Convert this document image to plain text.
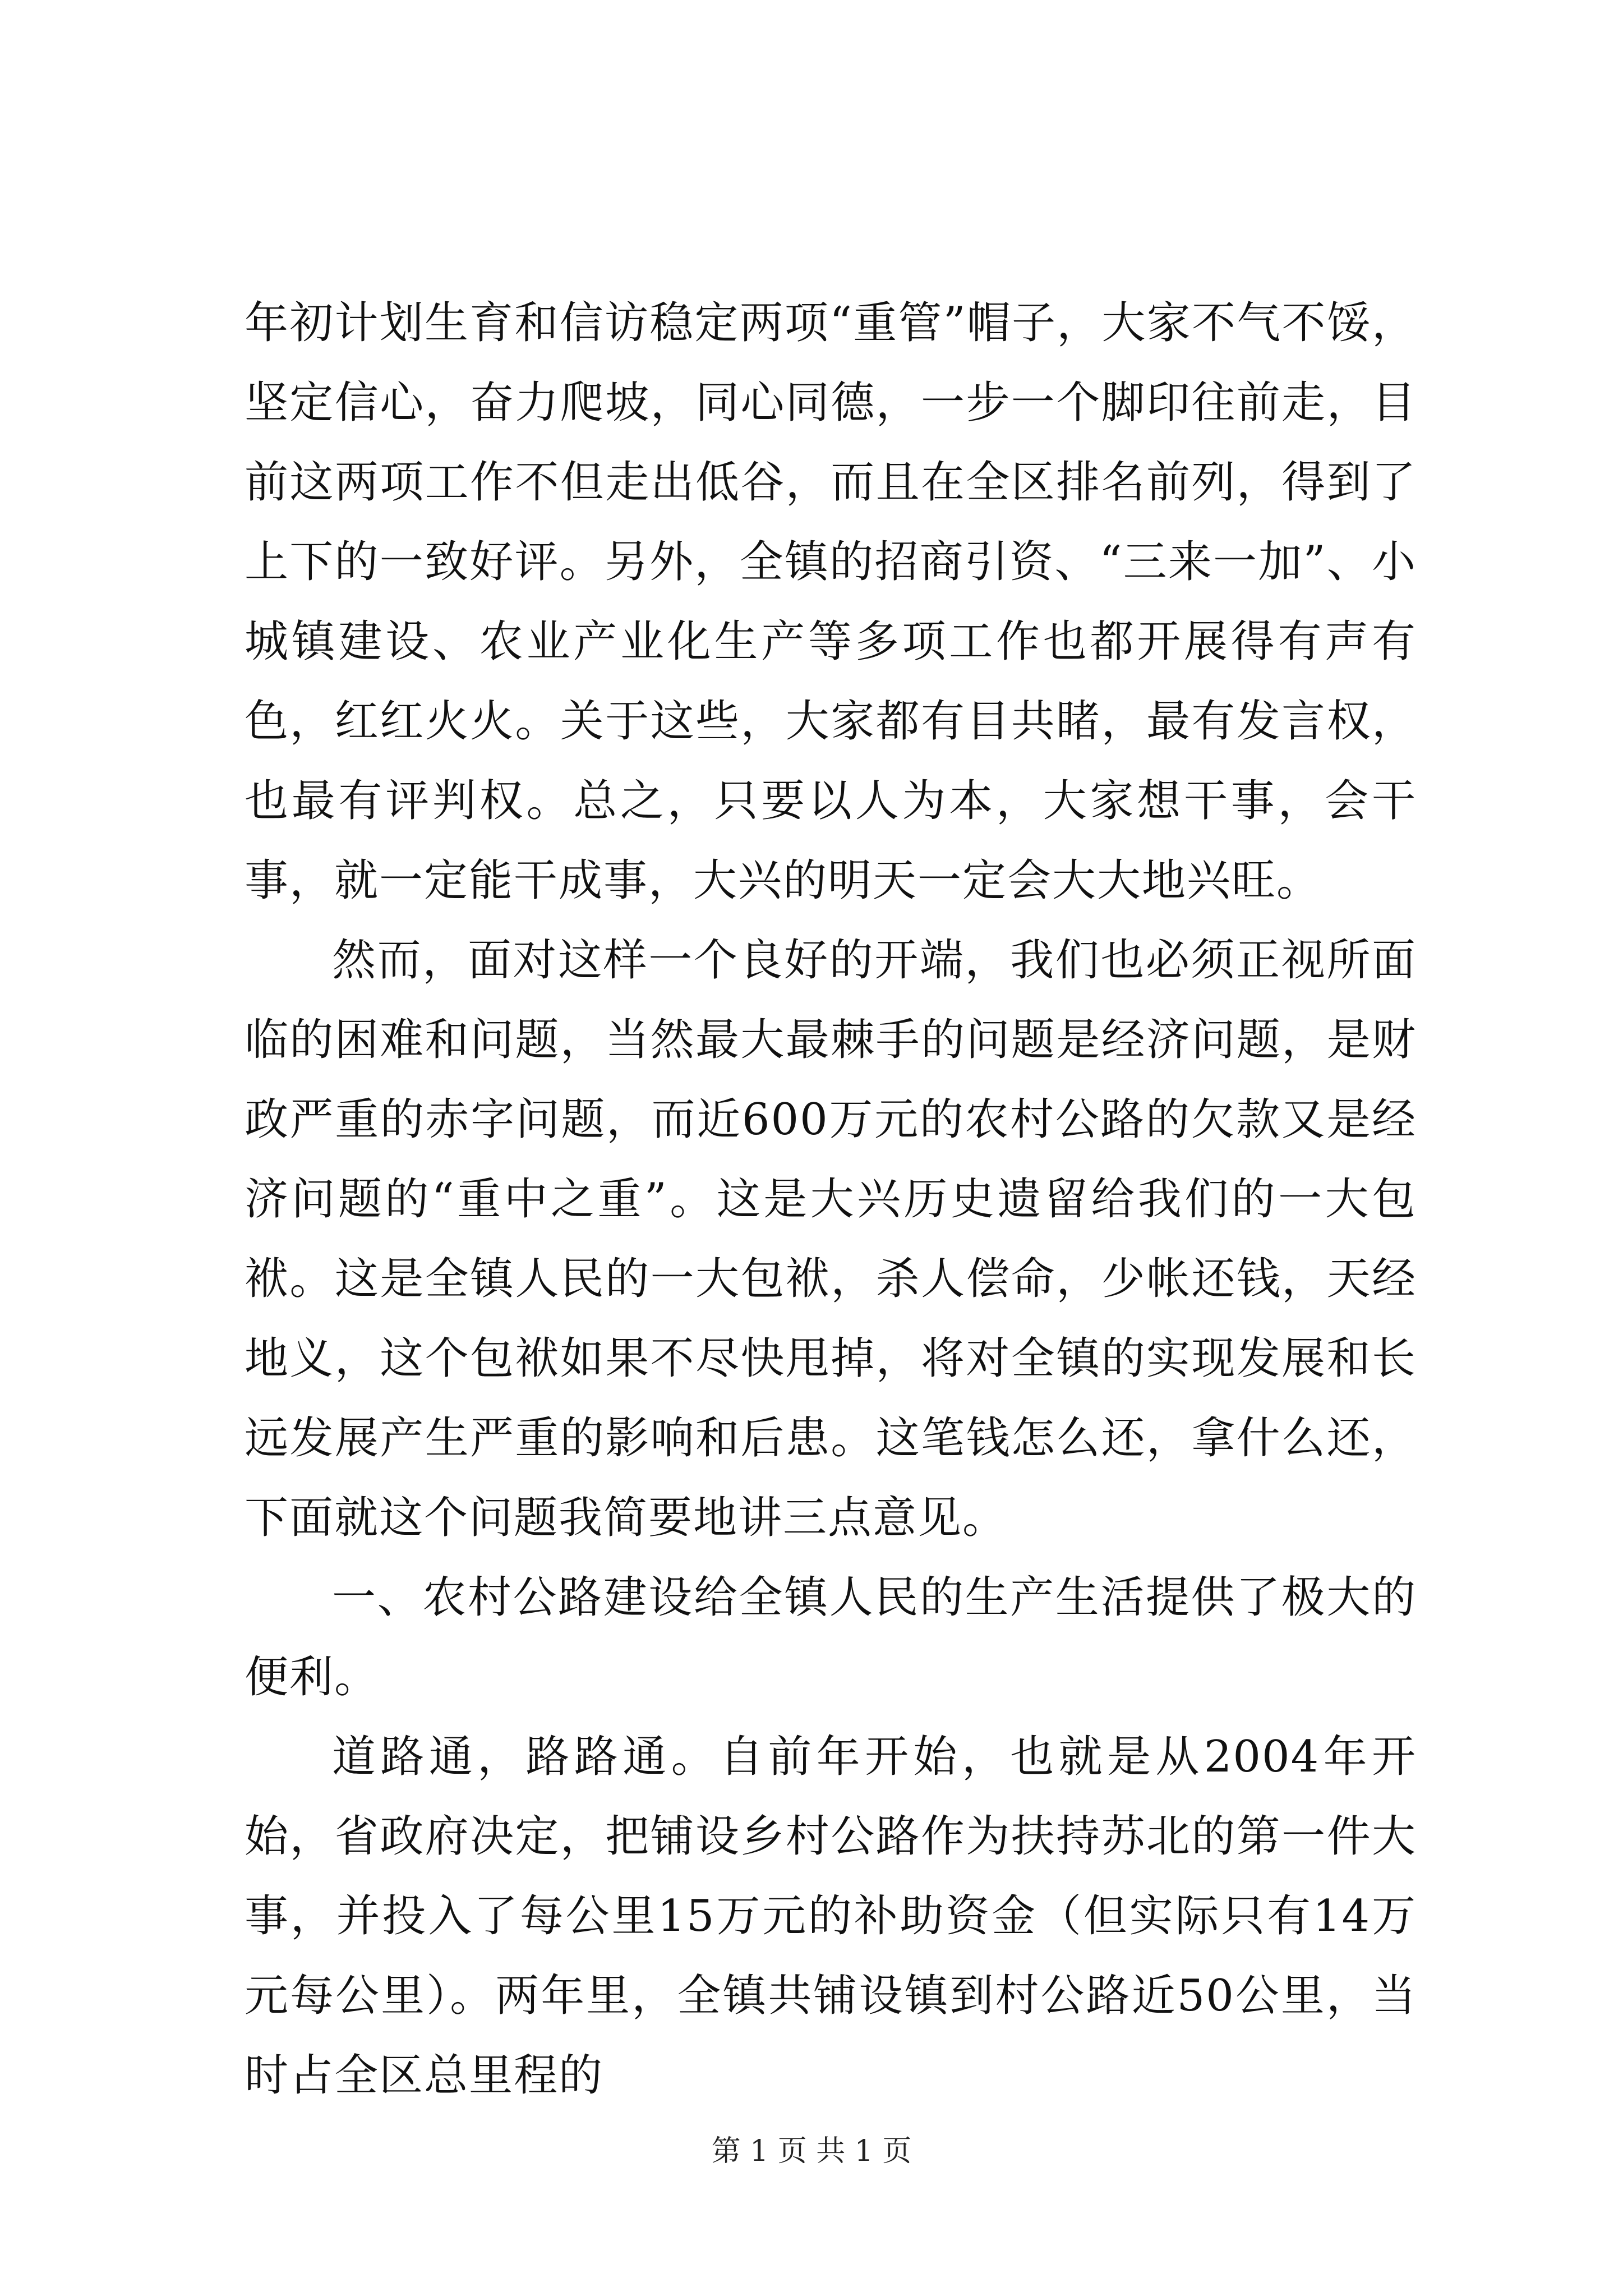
年初计划生育和信访稳定两项“重管”帽子，大家不气不馁，坚定信心，奋力爬坡，同心同德，一步一个脚印往前走，目前这两项工作不但走出低谷，而且在全区排名前列，得到了上下的一致好评。另外，全镇的招商引资、“三来一加”、小城镇建设、农业产业化生产等多项工作也都开展得有声有色，红红火火。关于这些，大家都有目共睹，最有发言权，也最有评判权。总之，只要以人为本，大家想干事，会干事，就一定能干成事，大兴的明天一定会大大地兴旺。

然而，面对这样一个良好的开端，我们也必须正视所面临的困难和问题，当然最大最棘手的问题是经济问题，是财政严重的赤字问题，而近600万元的农村公路的欠款又是经济问题的“重中之重”。这是大兴历史遗留给我们的一大包袱。这是全镇人民的一大包袱，杀人偿命，少帐还钱，天经地义，这个包袱如果不尽快甩掉，将对全镇的实现发展和长远发展产生严重的影响和后患。这笔钱怎么还，拿什么还，下面就这个问题我简要地讲三点意见。

一、农村公路建设给全镇人民的生产生活提供了极大的便利。

道路通，路路通。自前年开始，也就是从2004年开始，省政府决定，把铺设乡村公路作为扶持苏北的第一件大事，并投入了每公里15万元的补助资金（但实际只有14万元每公里）。两年里，全镇共铺设镇到村公路近50公里，当时占全区总里程的

第 1 页 共 1 页
